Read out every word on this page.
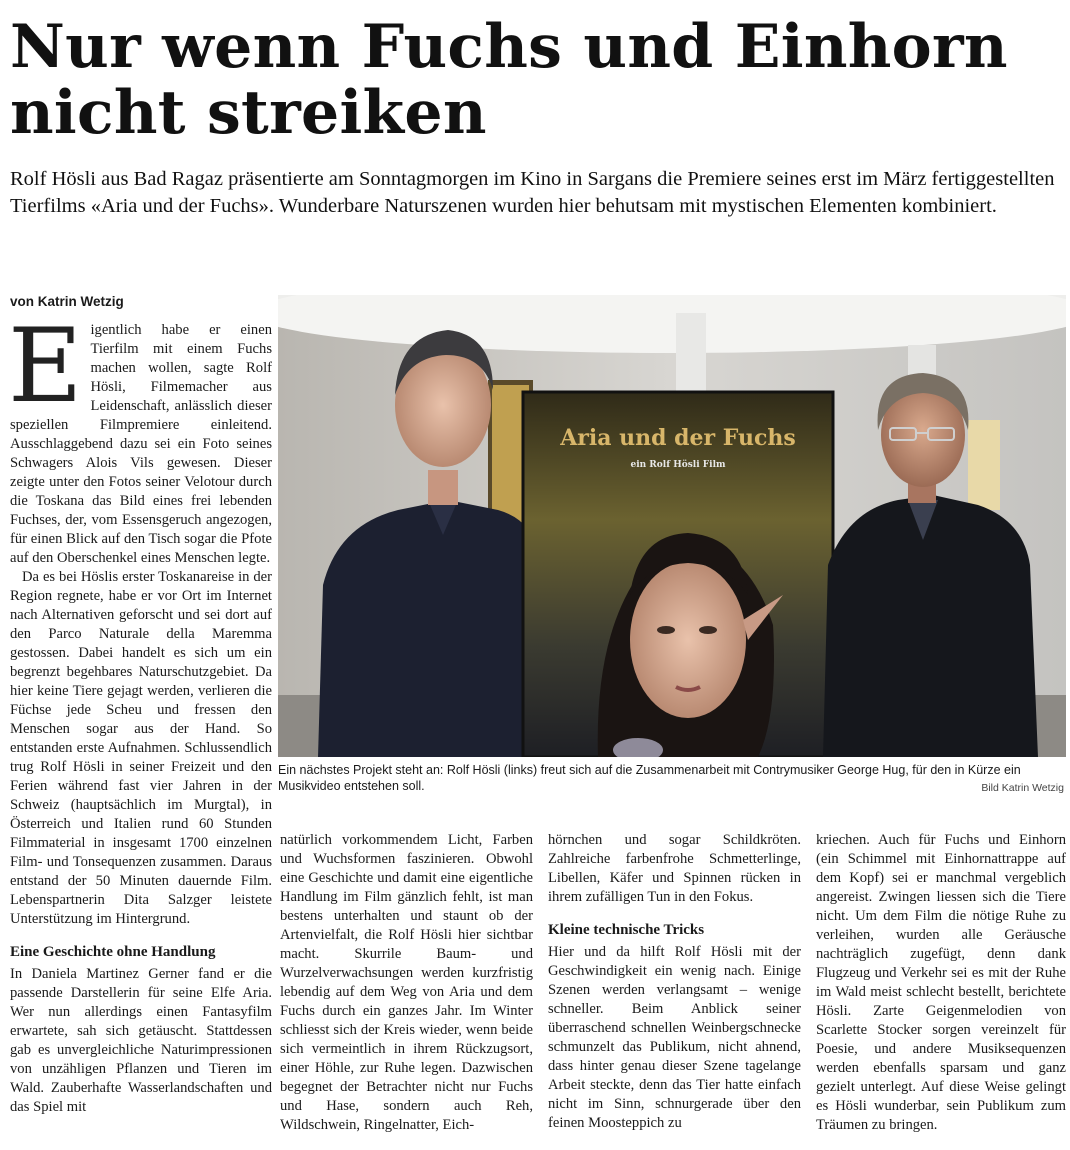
Nur wenn Fuchs und Einhorn nicht streiken

Rolf Hösli aus Bad Ragaz präsentierte am Sonntagmorgen im Kino in Sargans die Premiere seines erst im März fertiggestellten Tierfilms «Aria und der Fuchs». Wunderbare Naturszenen wurden hier behutsam mit mystischen Elementen kombiniert.

von Katrin Wetzig

Eigentlich habe er einen Tierfilm mit einem Fuchs machen wollen, sagte Rolf Hösli, Filmemacher aus Leidenschaft, anlässlich dieser speziellen Filmpremiere einleitend. Ausschlaggebend dazu sei ein Foto seines Schwagers Alois Vils gewesen. Dieser zeigte unter den Fotos seiner Velotour durch die Toskana das Bild eines frei lebenden Fuchses, der, vom Essensgeruch angezogen, für einen Blick auf den Tisch sogar die Pfote auf den Oberschenkel eines Menschen legte.

Da es bei Höslis erster Toskanareise in der Region regnete, habe er vor Ort im Internet nach Alternativen geforscht und sei dort auf den Parco Naturale della Maremma gestossen. Dabei handelt es sich um ein begrenzt begehbares Naturschutzgebiet. Da hier keine Tiere gejagt werden, verlieren die Füchse jede Scheu und fressen den Menschen sogar aus der Hand. So entstanden erste Aufnahmen. Schlussendlich trug Rolf Hösli in seiner Freizeit und den Ferien während fast vier Jahren in der Schweiz (hauptsächlich im Murgtal), in Österreich und Italien rund 60 Stunden Filmmaterial in insgesamt 1700 einzelnen Film- und Tonsequenzen zusammen. Daraus entstand der 50 Minuten dauernde Film. Lebenspartnerin Dita Salzger leistete Unterstützung im Hintergrund.

Eine Geschichte ohne Handlung

In Daniela Martinez Gerner fand er die passende Darstellerin für seine Elfe Aria. Wer nun allerdings einen Fantasyfilm erwartete, sah sich getäuscht. Stattdessen gab es unvergleichliche Naturimpressionen von unzähligen Pflanzen und Tieren im Wald. Zauberhafte Wasserlandschaften und das Spiel mit

Aria und der Fuchs
ein Rolf Hösli Film
Ein nächstes Projekt steht an: Rolf Hösli (links) freut sich auf die Zusammenarbeit mit Contrymusiker George Hug, für den in Kürze ein Musikvideo entstehen soll.	Bild Katrin Wetzig

natürlich vorkommendem Licht, Farben und Wuchsformen faszinieren. Obwohl eine Geschichte und damit eine eigentliche Handlung im Film gänzlich fehlt, ist man bestens unterhalten und staunt ob der Artenvielfalt, die Rolf Hösli hier sichtbar macht. Skurrile Baum- und Wurzelverwachsungen werden kurzfristig lebendig auf dem Weg von Aria und dem Fuchs durch ein ganzes Jahr. Im Winter schliesst sich der Kreis wieder, wenn beide sich vermeintlich in ihrem Rückzugsort, einer Höhle, zur Ruhe legen. Dazwischen begegnet der Betrachter nicht nur Fuchs und Hase, sondern auch Reh, Wildschwein, Ringelnatter, Eich-

hörnchen und sogar Schildkröten. Zahlreiche farbenfrohe Schmetterlinge, Libellen, Käfer und Spinnen rücken in ihrem zufälligen Tun in den Fokus.

Kleine technische Tricks

Hier und da hilft Rolf Hösli mit der Geschwindigkeit ein wenig nach. Einige Szenen werden verlangsamt – wenige schneller. Beim Anblick seiner überraschend schnellen Weinbergschnecke schmunzelt das Publikum, nicht ahnend, dass hinter genau dieser Szene tagelange Arbeit steckte, denn das Tier hatte einfach nicht im Sinn, schnurgerade über den feinen Moosteppich zu

kriechen. Auch für Fuchs und Einhorn (ein Schimmel mit Einhornattrappe auf dem Kopf) sei er manchmal vergeblich angereist. Zwingen liessen sich die Tiere nicht. Um dem Film die nötige Ruhe zu verleihen, wurden alle Geräusche nachträglich zugefügt, denn dank Flugzeug und Verkehr sei es mit der Ruhe im Wald meist schlecht bestellt, berichtete Hösli. Zarte Geigenmelodien von Scarlette Stocker sorgen vereinzelt für Poesie, und andere Musiksequenzen werden ebenfalls sparsam und ganz gezielt unterlegt. Auf diese Weise gelingt es Hösli wunderbar, sein Publikum zum Träumen zu bringen.
